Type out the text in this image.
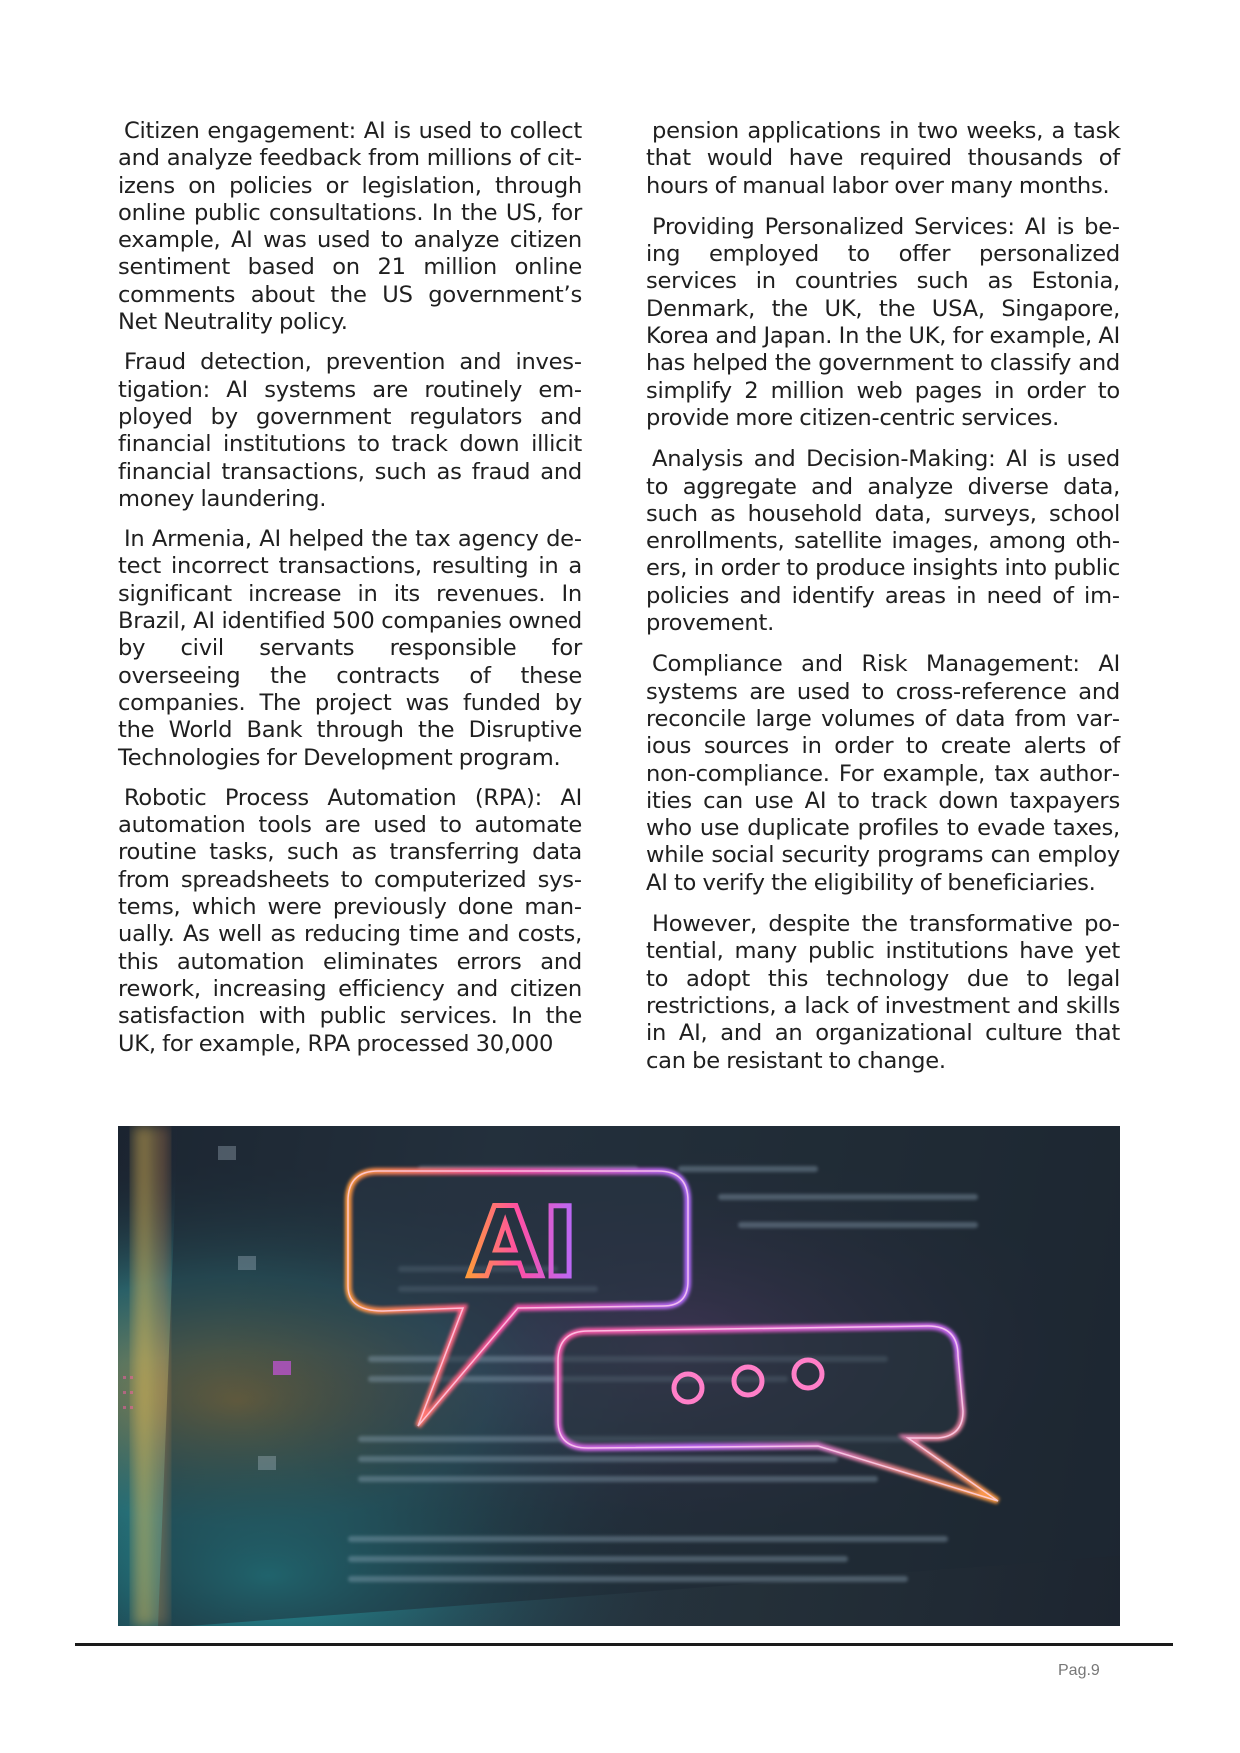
Citizen engagement: AI is used to collect and analyze feedback from millions of citizens on policies or legislation, through online public consultations. In the US, for example, AI was used to analyze citizen sentiment based on 21 million online comments about the US government’s Net Neutrality policy.

Fraud detection, prevention and investigation: AI systems are routinely employed by government regulators and financial institutions to track down illicit financial transactions, such as fraud and money laundering.

In Armenia, AI helped the tax agency detect incorrect transactions, resulting in a significant increase in its revenues. In Brazil, AI identified 500 companies owned by civil servants responsible for overseeing the contracts of these companies. The project was funded by the World Bank through the Disruptive Technologies for Development program.

Robotic Process Automation (RPA): AI automation tools are used to automate routine tasks, such as transferring data from spreadsheets to computerized systems, which were previously done manually. As well as reducing time and costs, this automation eliminates errors and rework, increasing efficiency and citizen satisfaction with public services. In the UK, for example, RPA processed 30,000

pension applications in two weeks, a task that would have required thousands of hours of manual labor over many months.

Providing Personalized Services: AI is being employed to offer personalized services in countries such as Estonia, Denmark, the UK, the USA, Singapore, Korea and Japan. In the UK, for example, AI has helped the government to classify and simplify 2 million web pages in order to provide more citizen-centric services.

Analysis and Decision-Making: AI is used to aggregate and analyze diverse data, such as household data, surveys, school enrollments, satellite images, among others, in order to produce insights into public policies and identify areas in need of improvement.

Compliance and Risk Management: AI systems are used to cross-reference and reconcile large volumes of data from various sources in order to create alerts of non-compliance. For example, tax authorities can use AI to track down taxpayers who use duplicate profiles to evade taxes, while social security programs can employ AI to verify the eligibility of beneficiaries.

However, despite the transformative potential, many public institutions have yet to adopt this technology due to legal restrictions, a lack of investment and skills in AI, and an organizational culture that can be resistant to change.

AI
Pag.9
